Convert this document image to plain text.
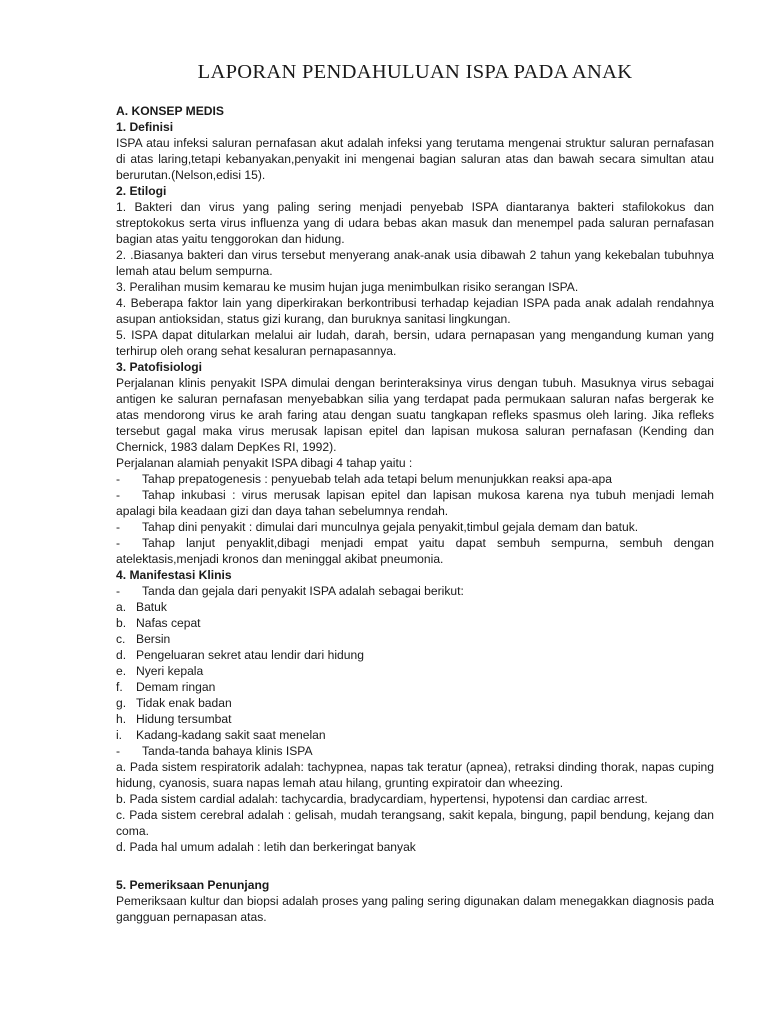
LAPORAN PENDAHULUAN ISPA PADA ANAK

A. KONSEP MEDIS

1. Definisi

ISPA atau infeksi saluran pernafasan akut adalah infeksi yang terutama mengenai struktur saluran pernafasan di atas laring,tetapi kebanyakan,penyakit ini mengenai bagian saluran atas dan bawah secara simultan atau berurutan.(Nelson,edisi 15).

2. Etilogi

1. Bakteri dan virus yang paling sering menjadi penyebab ISPA diantaranya bakteri stafilokokus dan streptokokus serta virus influenza yang di udara bebas akan masuk dan menempel pada saluran pernafasan bagian atas yaitu tenggorokan dan hidung.

2. .Biasanya bakteri dan virus tersebut menyerang anak-anak usia dibawah 2 tahun yang kekebalan tubuhnya lemah atau belum sempurna.

3. Peralihan musim kemarau ke musim hujan juga menimbulkan risiko serangan ISPA.

4. Beberapa faktor lain yang diperkirakan berkontribusi terhadap kejadian ISPA pada anak adalah rendahnya asupan antioksidan, status gizi kurang, dan buruknya sanitasi lingkungan.

5. ISPA dapat ditularkan melalui air ludah, darah, bersin, udara pernapasan yang mengandung kuman yang terhirup oleh orang sehat kesaluran pernapasannya.

3. Patofisiologi

Perjalanan klinis penyakit ISPA dimulai dengan berinteraksinya virus dengan tubuh. Masuknya virus sebagai antigen ke saluran pernafasan menyebabkan silia yang terdapat pada permukaan saluran nafas bergerak ke atas mendorong virus ke arah faring atau dengan suatu tangkapan refleks spasmus oleh laring. Jika refleks tersebut gagal maka virus merusak lapisan epitel dan lapisan mukosa saluran pernafasan (Kending dan Chernick, 1983 dalam DepKes RI, 1992).

Perjalanan alamiah penyakit ISPA dibagi 4 tahap yaitu :

- Tahap prepatogenesis : penyuebab telah ada tetapi belum menunjukkan reaksi apa-apa

- Tahap inkubasi : virus merusak lapisan epitel dan lapisan mukosa karena nya tubuh menjadi lemah apalagi bila keadaan gizi dan daya tahan sebelumnya rendah.

- Tahap dini penyakit : dimulai dari munculnya gejala penyakit,timbul gejala demam dan batuk.

- Tahap lanjut penyaklit,dibagi menjadi empat yaitu dapat sembuh sempurna, sembuh dengan atelektasis,menjadi kronos dan meninggal akibat pneumonia.

4. Manifestasi Klinis

- Tanda dan gejala dari penyakit ISPA adalah sebagai berikut:

a. Batuk

b. Nafas cepat

c. Bersin

d. Pengeluaran sekret atau lendir dari hidung

e. Nyeri kepala

f. Demam ringan

g. Tidak enak badan

h. Hidung tersumbat

i. Kadang-kadang sakit saat menelan

- Tanda-tanda bahaya klinis ISPA

a. Pada sistem respiratorik adalah: tachypnea, napas tak teratur (apnea), retraksi dinding thorak, napas cuping hidung, cyanosis, suara napas lemah atau hilang, grunting expiratoir dan wheezing.

b. Pada sistem cardial adalah: tachycardia, bradycardiam, hypertensi, hypotensi dan cardiac arrest.

c. Pada sistem cerebral adalah : gelisah, mudah terangsang, sakit kepala, bingung, papil bendung, kejang dan coma.

d. Pada hal umum adalah : letih dan berkeringat banyak

5. Pemeriksaan Penunjang

Pemeriksaan kultur dan biopsi adalah proses yang paling sering digunakan dalam menegakkan diagnosis pada gangguan pernapasan atas.
